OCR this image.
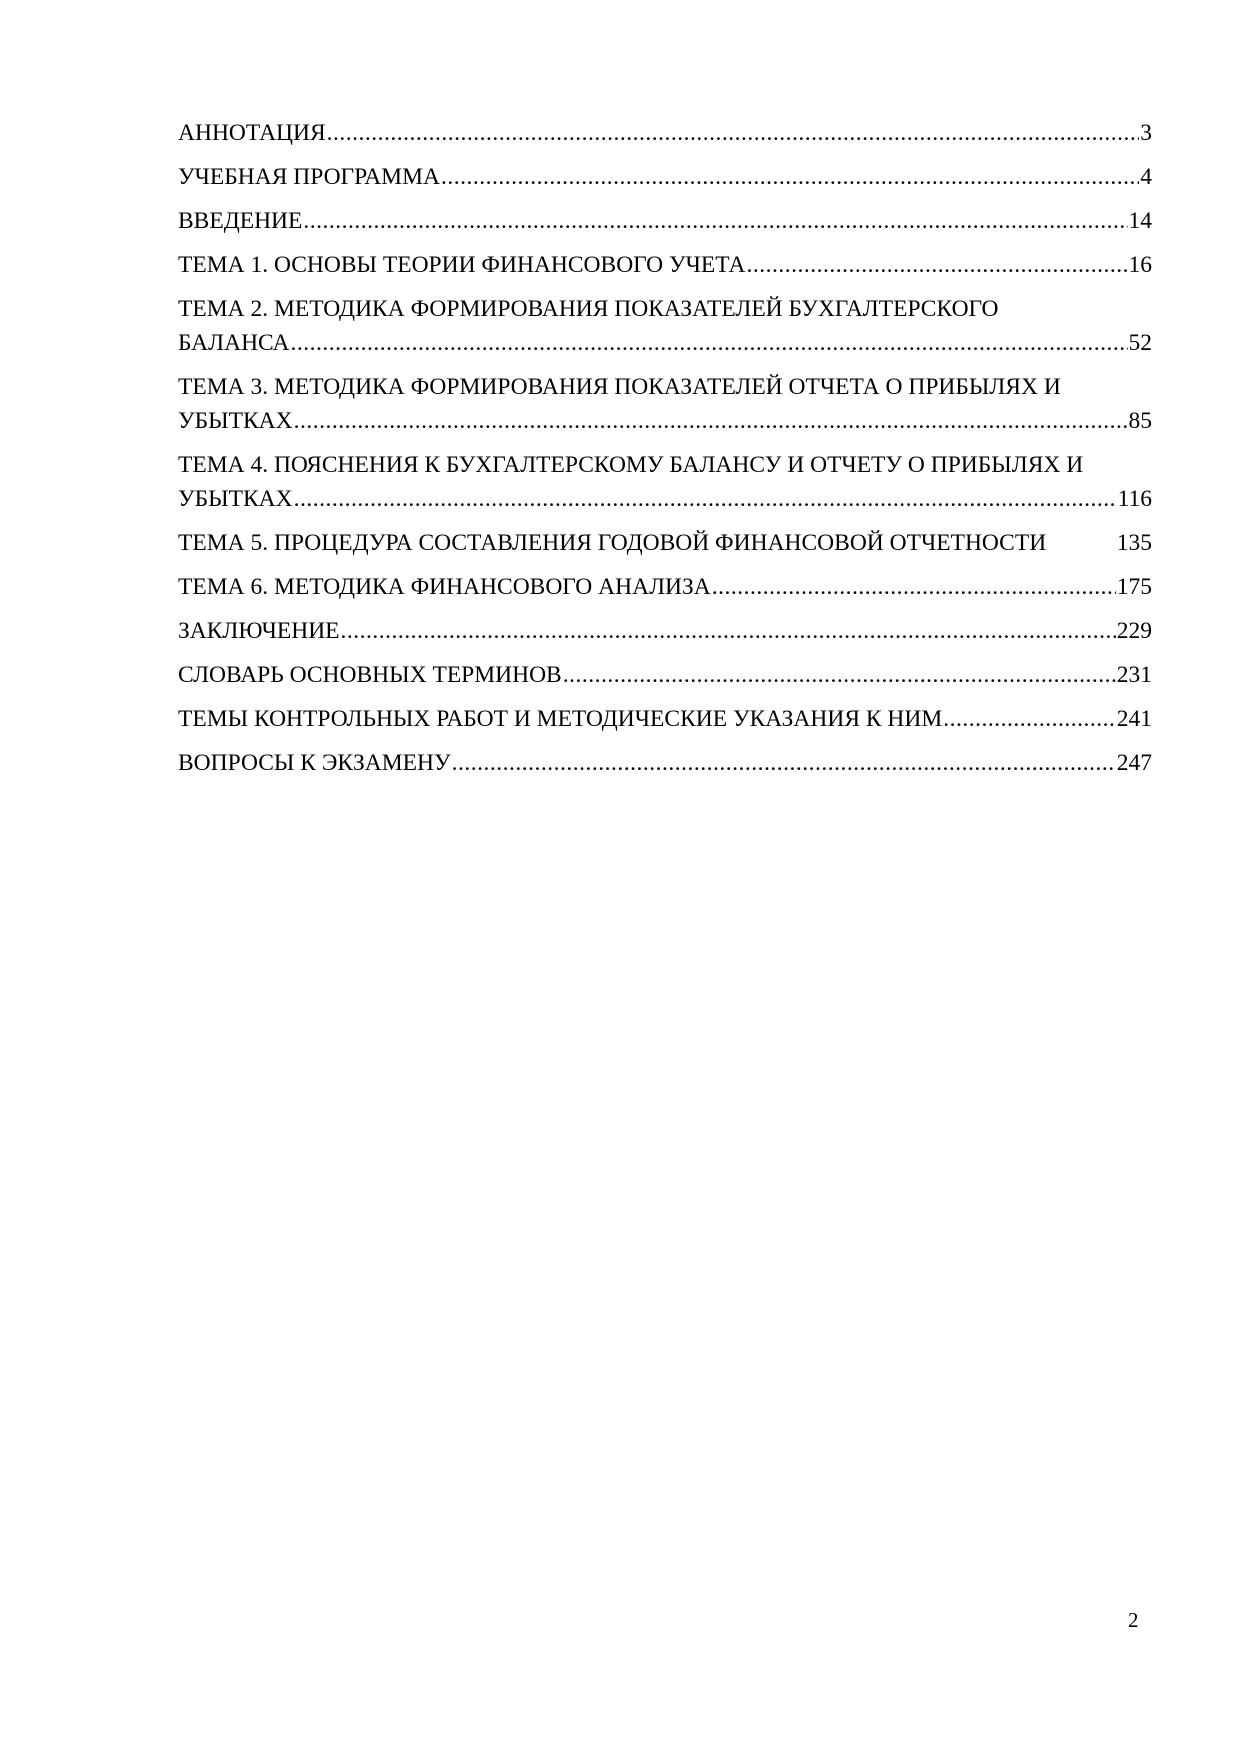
АННОТАЦИЯ .....	3
УЧЕБНАЯ ПРОГРАММА .....	4
ВВЕДЕНИЕ .....	14
ТЕМА 1. ОСНОВЫ ТЕОРИИ ФИНАНСОВОГО УЧЕТА .....	16
ТЕМА 2. МЕТОДИКА ФОРМИРОВАНИЯ ПОКАЗАТЕЛЕЙ БУХГАЛТЕРСКОГО
БАЛАНСА .....	52
ТЕМА 3. МЕТОДИКА ФОРМИРОВАНИЯ ПОКАЗАТЕЛЕЙ ОТЧЕТА О ПРИБЫЛЯХ И
УБЫТКАХ .....	85
ТЕМА 4. ПОЯСНЕНИЯ К БУХГАЛТЕРСКОМУ БАЛАНСУ И ОТЧЕТУ О ПРИБЫЛЯХ И
УБЫТКАХ .....	116
ТЕМА 5. ПРОЦЕДУРА СОСТАВЛЕНИЯ ГОДОВОЙ ФИНАНСОВОЙ ОТЧЕТНОСТИ	135
ТЕМА 6. МЕТОДИКА ФИНАНСОВОГО АНАЛИЗА .....	175
ЗАКЛЮЧЕНИЕ .....	229
СЛОВАРЬ ОСНОВНЫХ ТЕРМИНОВ .....	231
ТЕМЫ КОНТРОЛЬНЫХ РАБОТ И МЕТОДИЧЕСКИЕ УКАЗАНИЯ К НИМ .....	241
ВОПРОСЫ К ЭКЗАМЕНУ .....	247
2
